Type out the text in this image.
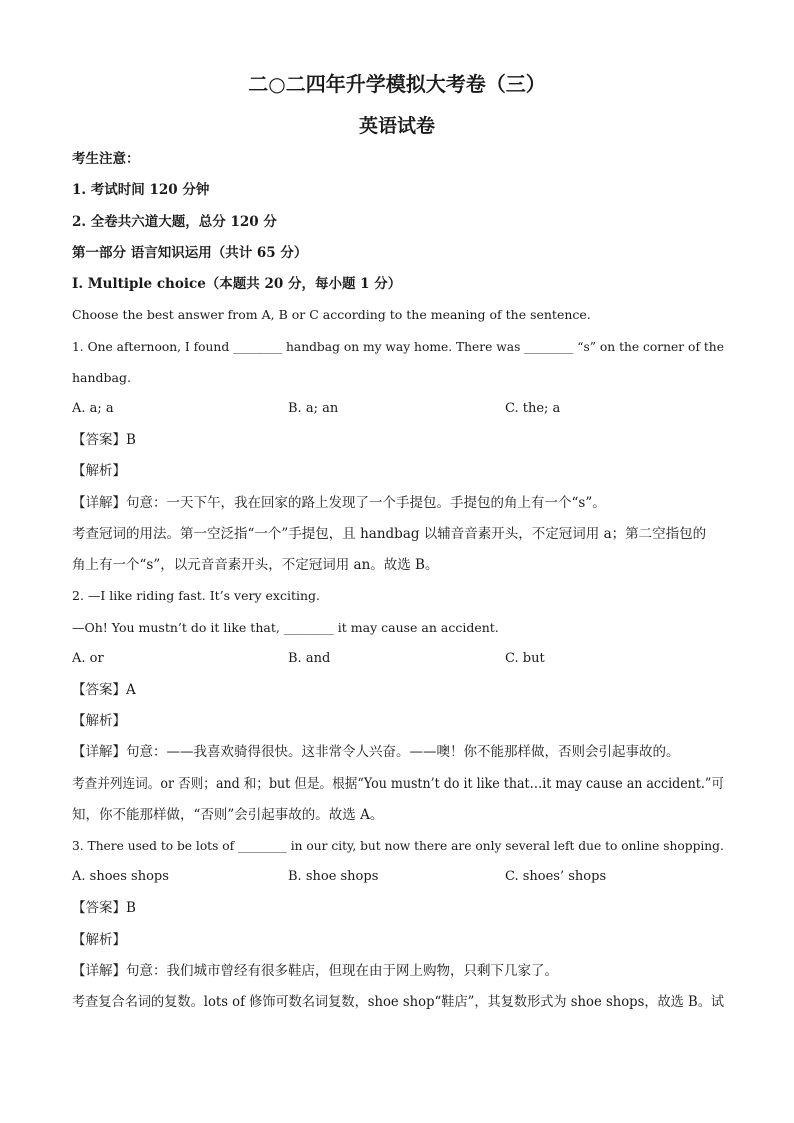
二○二四年升学模拟大考卷（三）
英语试卷
考生注意：
1. 考试时间 120 分钟
2. 全卷共六道大题，总分 120 分
第一部分 语言知识运用（共计 65 分）
Ⅰ. Multiple choice（本题共 20 分，每小题 1 分）
Choose the best answer from A, B or C according to the meaning of the sentence.
1. One afternoon, I found ________ handbag on my way home. There was ________ “s” on the corner of the
handbag.
A. a; a	B. a; an	C. the; a
【答案】B
【解析】
【详解】句意：一天下午，我在回家的路上发现了一个手提包。手提包的角上有一个“s”。
考查冠词的用法。第一空泛指“一个”手提包，且 handbag 以辅音音素开头，不定冠词用 a；第二空指包的
角上有一个“s”，以元音音素开头，不定冠词用 an。故选 B。
2. —I like riding fast. It’s very exciting.
—Oh! You mustn’t do it like that, ________ it may cause an accident.
A. or	B. and	C. but
【答案】A
【解析】
【详解】句意：——我喜欢骑得很快。这非常令人兴奋。——噢！你不能那样做，否则会引起事故的。
考查并列连词。or 否则；and 和；but 但是。根据“You mustn’t do it like that…it may cause an accident.”可
知，你不能那样做，“否则”会引起事故的。故选 A。
3. There used to be lots of ________ in our city, but now there are only several left due to online shopping.
A. shoes shops	B. shoe shops	C. shoes’ shops
【答案】B
【解析】
【详解】句意：我们城市曾经有很多鞋店，但现在由于网上购物，只剩下几家了。
考查复合名词的复数。lots of 修饰可数名词复数，shoe shop“鞋店”，其复数形式为 shoe shops，故选 B。试
